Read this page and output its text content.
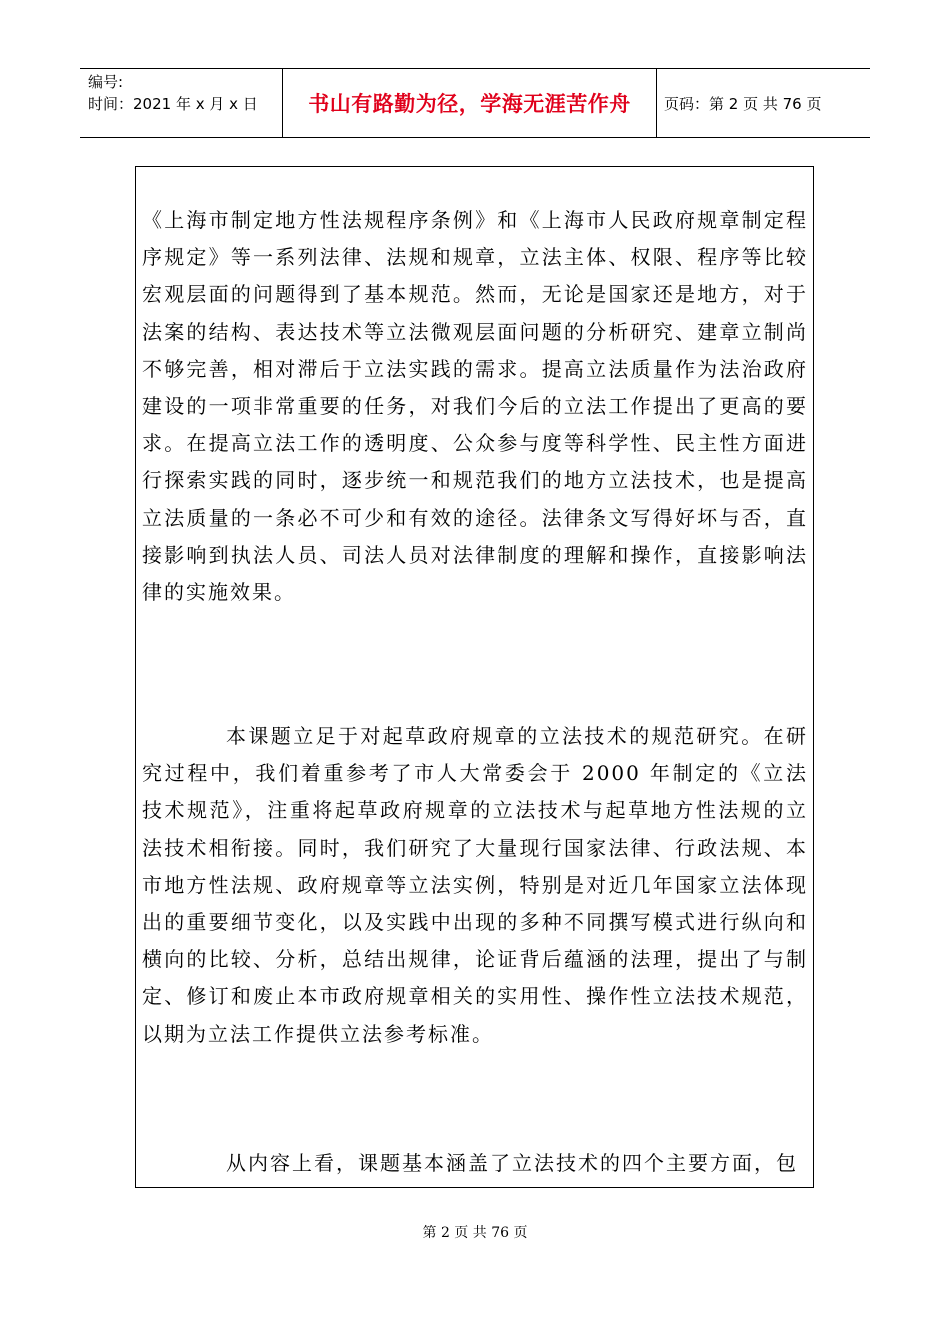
编号:
时间：2021 年 x 月 x 日	书山有路勤为径，学海无涯苦作舟	页码：第 2 页 共 76 页

《上海市制定地方性法规程序条例》和《上海市人民政府规章制定程序规定》等一系列法律、法规和规章，立法主体、权限、程序等比较宏观层面的问题得到了基本规范。然而，无论是国家还是地方，对于法案的结构、表达技术等立法微观层面问题的分析研究、建章立制尚不够完善，相对滞后于立法实践的需求。提高立法质量作为法治政府建设的一项非常重要的任务，对我们今后的立法工作提出了更高的要求。在提高立法工作的透明度、公众参与度等科学性、民主性方面进行探索实践的同时，逐步统一和规范我们的地方立法技术，也是提高立法质量的一条必不可少和有效的途径。法律条文写得好坏与否，直接影响到执法人员、司法人员对法律制度的理解和操作，直接影响法律的实施效果。

本课题立足于对起草政府规章的立法技术的规范研究。在研究过程中，我们着重参考了市人大常委会于 2000 年制定的《立法技术规范》，注重将起草政府规章的立法技术与起草地方性法规的立法技术相衔接。同时，我们研究了大量现行国家法律、行政法规、本市地方性法规、政府规章等立法实例，特别是对近几年国家立法体现出的重要细节变化，以及实践中出现的多种不同撰写模式进行纵向和横向的比较、分析，总结出规律，论证背后蕴涵的法理，提出了与制定、修订和废止本市政府规章相关的实用性、操作性立法技术规范，以期为立法工作提供立法参考标准。

从内容上看，课题基本涵盖了立法技术的四个主要方面，包

第 2 页 共 76 页
